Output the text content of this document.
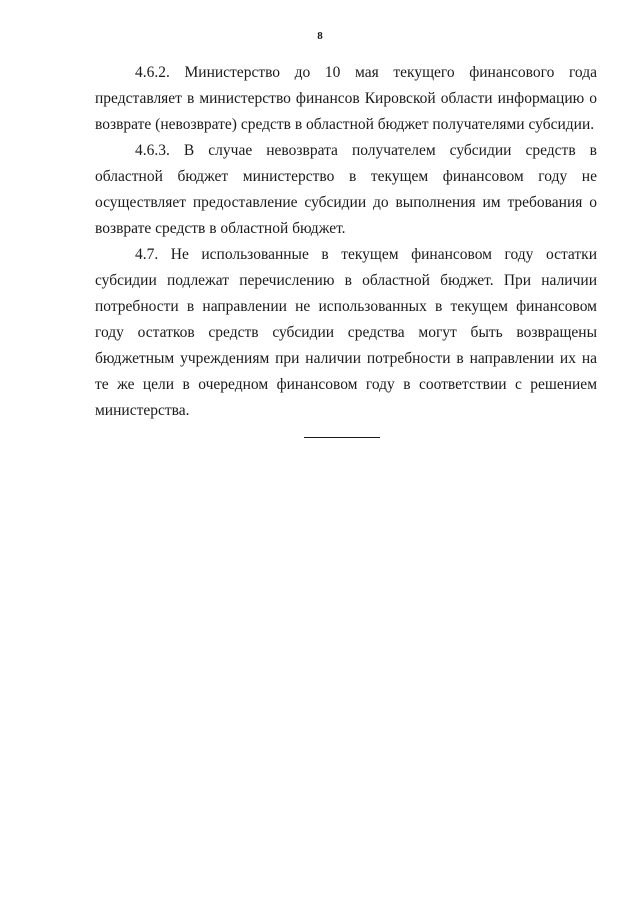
8

4.6.2. Министерство до 10 мая текущего финансового года представляет в министерство финансов Кировской области информацию о возврате (невозврате) средств в областной бюджет получателями субсидии.

4.6.3. В случае невозврата получателем субсидии средств в областной бюджет министерство в текущем финансовом году не осуществляет предоставление субсидии до выполнения им требования о возврате средств в областной бюджет.

4.7. Не использованные в текущем финансовом году остатки субсидии подлежат перечислению в областной бюджет. При наличии потребности в направлении не использованных в текущем финансовом году остатков средств субсидии средства могут быть возвращены бюджетным учреждениям при наличии потребности в направлении их на те же цели в очередном финансовом году в соответствии с решением министерства.
